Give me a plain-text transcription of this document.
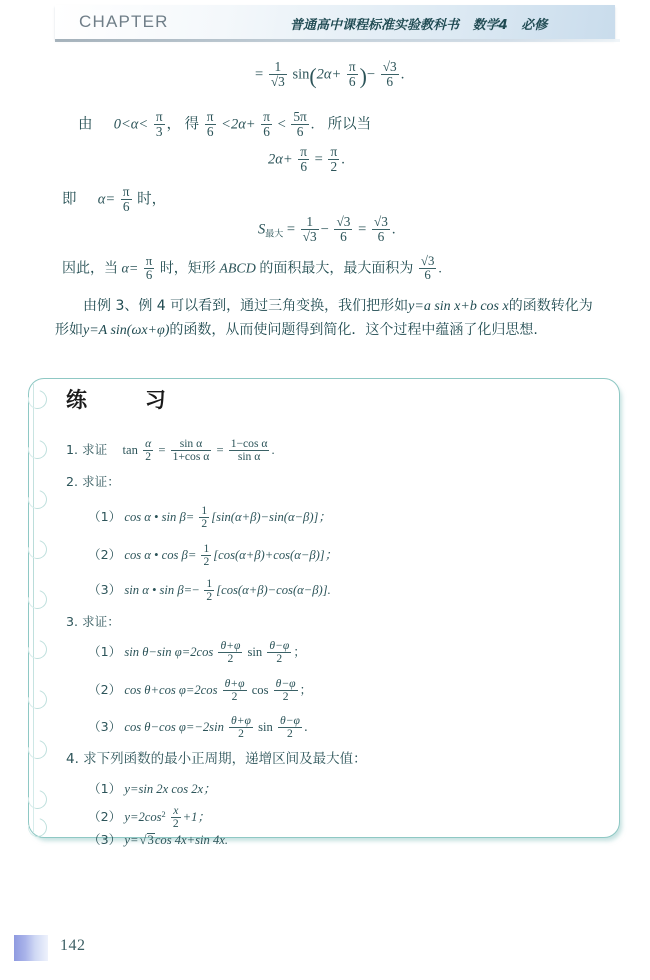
CHAPTER	普通高中课程标准实验教科书   数学4   必修
= $\frac{1}{√3} \sin(2\alpha+ \frac{\pi}{6}$ )− $\frac{√3}{6}$ .
由 $0<\alpha< \frac{\pi}{3}$ ， 得 $\frac{\pi}{6} <2\alpha+ \frac{\pi}{6} < \frac{5\pi}{6}$ . 所以当
$2\alpha+ \frac{\pi}{6} = \frac{\pi}{2}$ .
即 $\alpha= \frac{\pi}{6}$ 时，
$S_{最大} = \frac{1}{√3} - \frac{√3}{6} = \frac{√3}{6}$ .
因此，当 $\alpha= \frac{\pi}{6}$ 时，矩形 ABCD 的面积最大，最大面积为 $\frac{√3}{6}$ .
由例 3、例 4 可以看到，通过三角变换，我们把形如y=a sin x+b cos x的函数转化为
形如y=A sin(ωx+φ)的函数，从而使问题得到简化．这个过程中蕴涵了化归思想.
练   习
1. 求证 $\tan \frac{\alpha}{2} = \frac{\text{sin α}}{\text{1+cos α}} = \frac{\text{1−cos α}}{\text{sin α}}$ .
2. 求证：
（1） cos α • $\sin \beta= \frac{1}{2} [\sin(\alpha+\beta)-\sin(\alpha-\beta)]$；
（2） cos α • $\cos \beta= \frac{1}{2} [\cos(\alpha+\beta)+\cos(\alpha-\beta)]$；
（3） sin α • $\sin \beta=- \frac{1}{2} [\cos(\alpha+\beta)-\cos(\alpha-\beta)]$.
3. 求证：
（1） sin θ−sin $\varphi=2\cos \frac{\theta+\varphi}{2}$ $\sin \frac{\theta-\varphi}{2}$ ；
（2） cos θ+cos $\varphi=2\cos \frac{\theta+\varphi}{2}$ $\cos \frac{\theta-\varphi}{2}$ ；
（3） cos θ−cos $\varphi=-2\sin \frac{\theta+\varphi}{2}$ $\sin \frac{\theta-\varphi}{2}$ .
4. 求下列函数的最小正周期，递增区间及最大值：
（1） y=sin 2x cos 2x；
（2） $y=2\cos^2 \frac{x}{2} +1$；
（3） y=√3cos 4x+sin 4x.
142
